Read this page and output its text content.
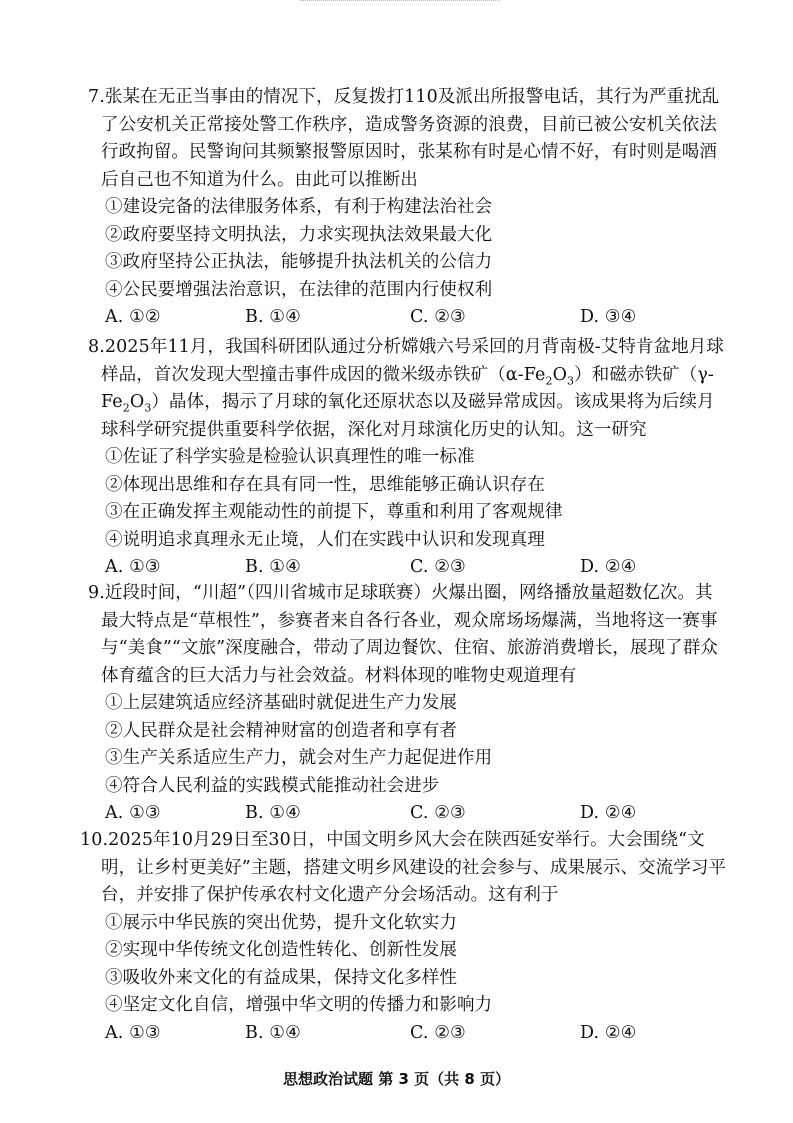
7.张某在无正当事由的情况下，反复拨打110及派出所报警电话，其行为严重扰乱了公安机关正常接处警工作秩序，造成警务资源的浪费，目前已被公安机关依法行政拘留。民警询问其频繁报警原因时，张某称有时是心情不好，有时则是喝酒后自己也不知道为什么。由此可以推断出
①建设完备的法律服务体系，有利于构建法治社会
②政府要坚持文明执法，力求实现执法效果最大化
③政府坚持公正执法，能够提升执法机关的公信力
④公民要增强法治意识，在法律的范围内行使权利
A. ①②	B. ①④	C. ②③	D. ③④
8.2025年11月，我国科研团队通过分析嫦娥六号采回的月背南极-艾特肯盆地月球样品，首次发现大型撞击事件成因的微米级赤铁矿$(\alpha-Fe_2O_3)$和磁赤铁矿$(\gamma-Fe_2O_3)$晶体，揭示了月球的氧化还原状态以及磁异常成因。该成果将为后续月球科学研究提供重要科学依据，深化对月球演化历史的认知。这一研究
①佐证了科学实验是检验认识真理性的唯一标准
②体现出思维和存在具有同一性，思维能够正确认识存在
③在正确发挥主观能动性的前提下，尊重和利用了客观规律
④说明追求真理永无止境，人们在实践中认识和发现真理
A. ①③	B. ①④	C. ②③	D. ②④
9.近段时间，“川超”（四川省城市足球联赛）火爆出圈，网络播放量超数亿次。其最大特点是“草根性”，参赛者来自各行各业，观众席场场爆满，当地将这一赛事与“美食”“文旅”深度融合，带动了周边餐饮、住宿、旅游消费增长，展现了群众体育蕴含的巨大活力与社会效益。材料体现的唯物史观道理有
①上层建筑适应经济基础时就促进生产力发展
②人民群众是社会精神财富的创造者和享有者
③生产关系适应生产力，就会对生产力起促进作用
④符合人民利益的实践模式能推动社会进步
A. ①③	B. ①④	C. ②③	D. ②④
10.2025年10月29日至30日，中国文明乡风大会在陕西延安举行。大会围绕“文明，让乡村更美好”主题，搭建文明乡风建设的社会参与、成果展示、交流学习平台，并安排了保护传承农村文化遗产分会场活动。这有利于
①展示中华民族的突出优势，提升文化软实力
②实现中华传统文化创造性转化、创新性发展
③吸收外来文化的有益成果，保持文化多样性
④坚定文化自信，增强中华文明的传播力和影响力
A. ①③	B. ①④	C. ②③	D. ②④
思想政治试题 第 3 页（共 8 页）
